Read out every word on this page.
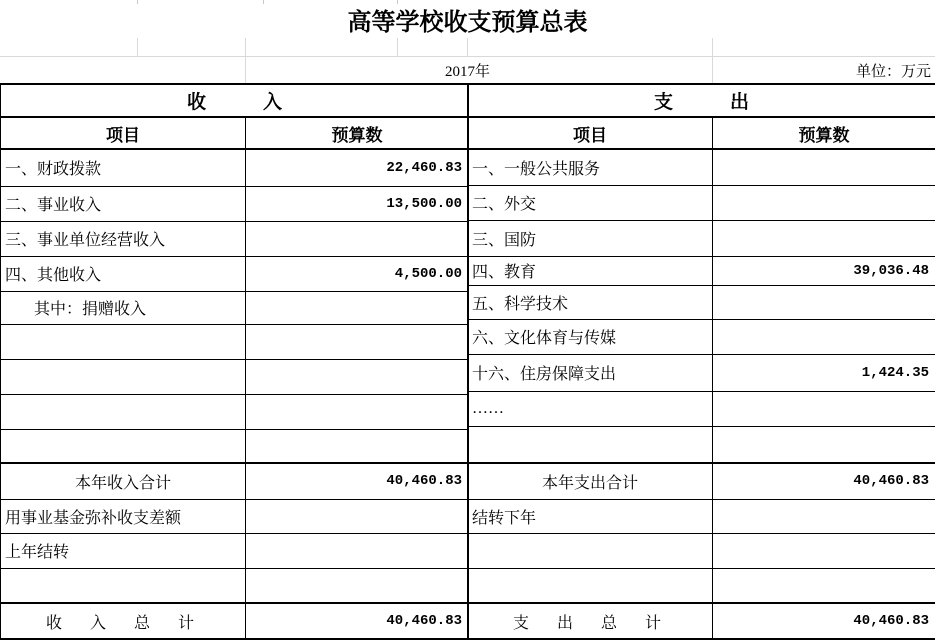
高等学校收支预算总表
2017年	单位：万元
收　　　入	
项目	预算数
一、财政拨款	22,460.83
二、事业收入	13,500.00
三、事业单位经营收入	
四、其他收入	4,500.00
其中：捐赠收入	

本年收入合计	40,460.83
用事业基金弥补收支差额	
上年结转	

收　入　总　计	40,460.83
支　　　出	
项目	预算数
一、一般公共服务	
二、外交	
三、国防	
四、教育	39,036.48
五、科学技术	
六、文化体育与传媒	
十六、住房保障支出	1,424.35
……	

本年支出合计	40,460.83
结转下年	

支　出　总　计	40,460.83
